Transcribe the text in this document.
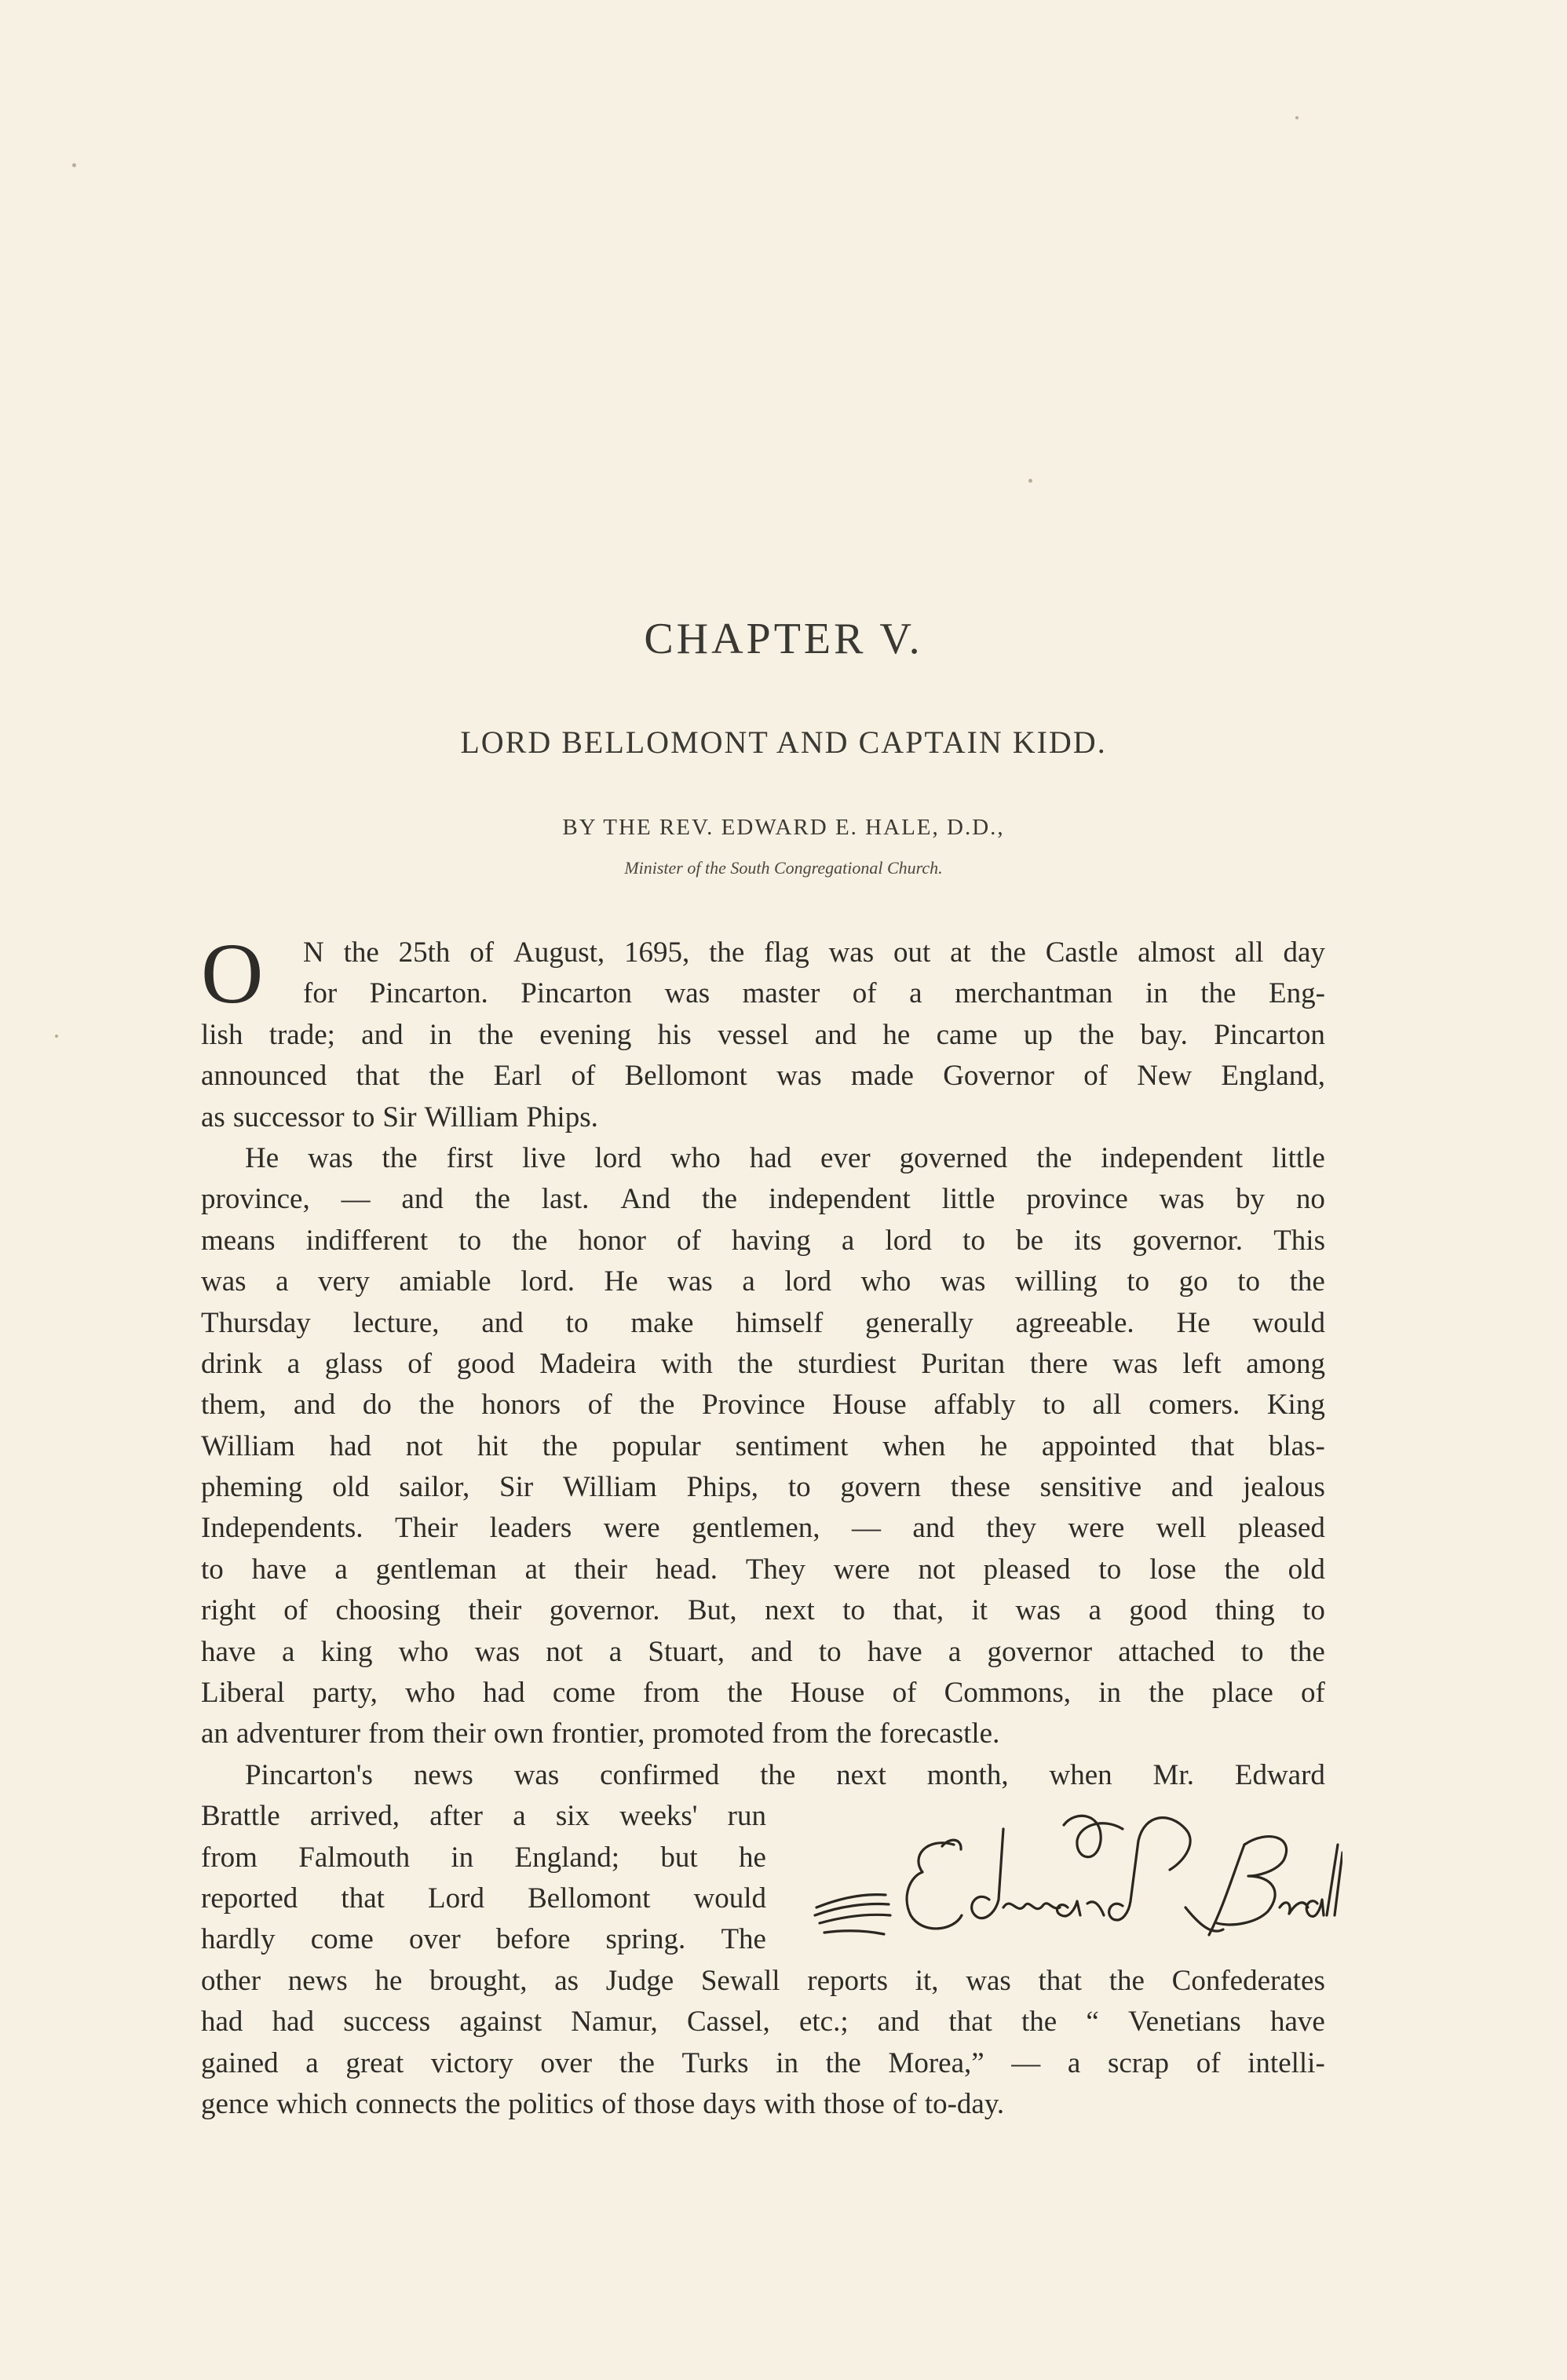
CHAPTER V.
LORD BELLOMONT AND CAPTAIN KIDD.
BY THE REV. EDWARD E. HALE, D.D.,
Minister of the South Congregational Church.
O N the 25th of August, 1695, the flag was out at the Castle almost all day
for Pincarton. Pincarton was master of a merchantman in the Eng-
lish trade; and in the evening his vessel and he came up the bay. Pincarton
announced that the Earl of Bellomont was made Governor of New England,
as successor to Sir William Phips.
He was the first live lord who had ever governed the independent little
province, — and the last. And the independent little province was by no
means indifferent to the honor of having a lord to be its governor. This
was a very amiable lord. He was a lord who was willing to go to the
Thursday lecture, and to make himself generally agreeable. He would
drink a glass of good Madeira with the sturdiest Puritan there was left among
them, and do the honors of the Province House affably to all comers. King
William had not hit the popular sentiment when he appointed that blas-
pheming old sailor, Sir William Phips, to govern these sensitive and jealous
Independents. Their leaders were gentlemen, — and they were well pleased
to have a gentleman at their head. They were not pleased to lose the old
right of choosing their governor. But, next to that, it was a good thing to
have a king who was not a Stuart, and to have a governor attached to the
Liberal party, who had come from the House of Commons, in the place of
an adventurer from their own frontier, promoted from the forecastle.
Pincarton's news was confirmed the next month, when Mr. Edward
Brattle arrived, after a six weeks' run
from Falmouth in England; but he
reported that Lord Bellomont would
hardly come over before spring. The
other news he brought, as Judge Sewall reports it, was that the Confederates
had had success against Namur, Cassel, etc.; and that the “ Venetians have
gained a great victory over the Turks in the Morea,” — a scrap of intelli-
gence which connects the politics of those days with those of to-day.
